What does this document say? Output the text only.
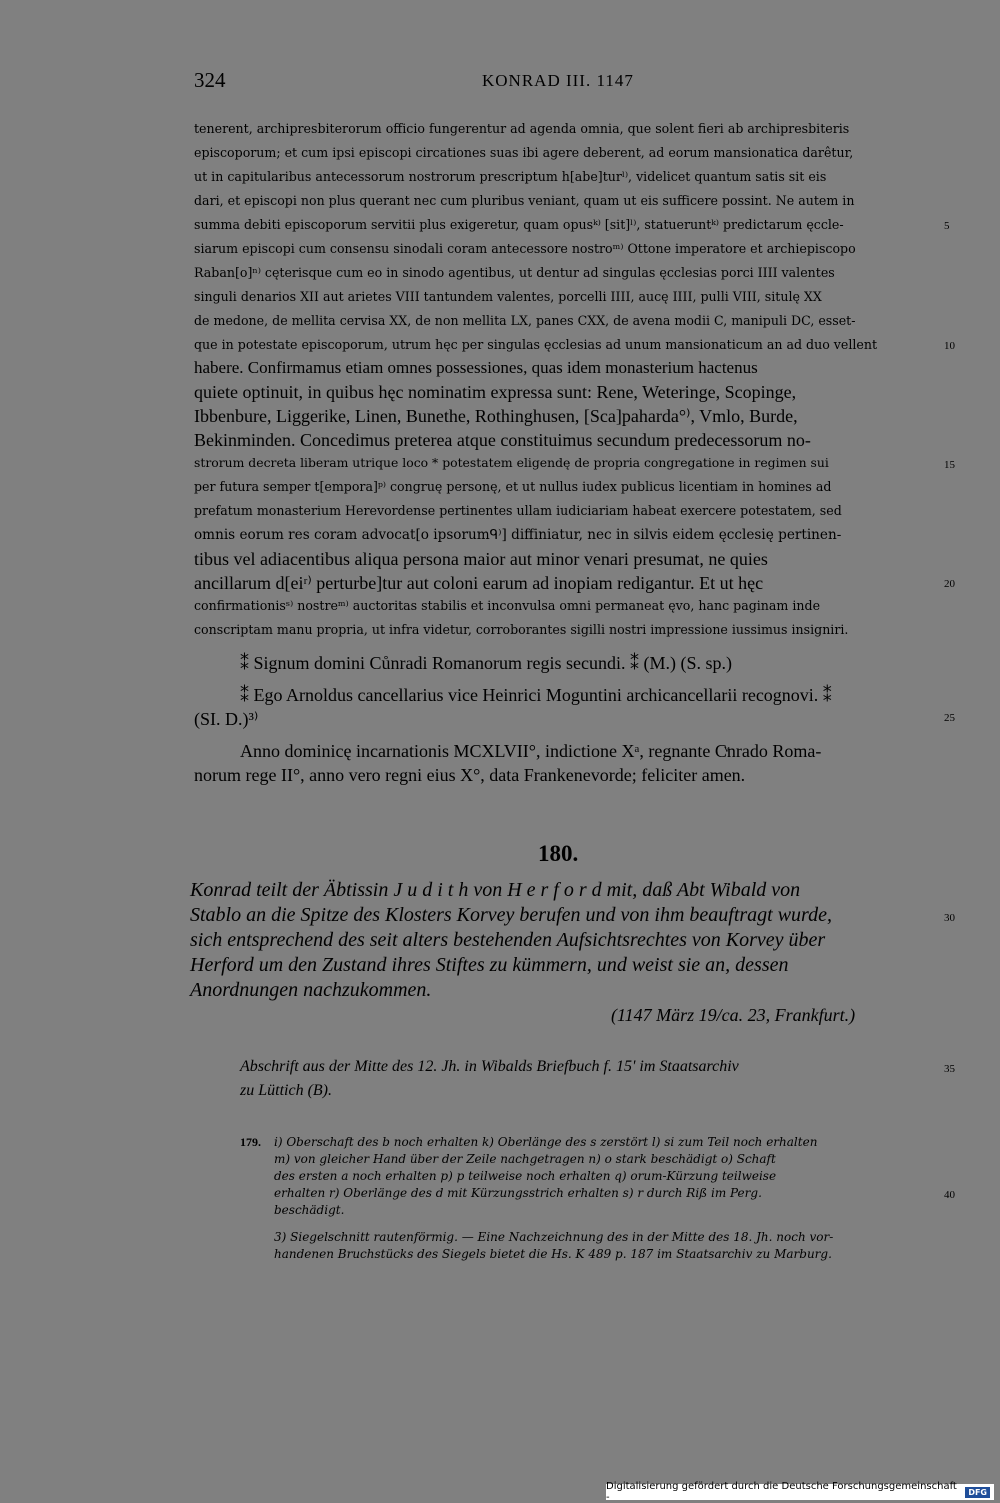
324	KONRAD III. 1147
tenerent, archipresbiterorum officio fungerentur ad agenda omnia, que solent fieri ab archipresbiteris
episcoporum; et cum ipsi episcopi circationes suas ibi agere deberent, ad eorum mansionatica darêtur,
ut in capitularibus antecessorum nostrorum prescriptum h[abe]turˡ⁾, videlicet quantum satis sit eis
dari, et episcopi non plus querant nec cum pluribus veniant, quam ut eis sufficere possint. Ne autem in
summa debiti episcoporum servitii plus exigeretur, quam opusᵏ⁾ [sit]ˡ⁾, statueruntᵏ⁾ predictarum ęccle-
siarum episcopi cum consensu sinodali coram antecessore nostroᵐ⁾ Ottone imperatore et archiepiscopo
Raban[o]ⁿ⁾ cęterisque cum eo in sinodo agentibus, ut dentur ad singulas ęcclesias porci IIII valentes
singuli denarios XII aut arietes VIII tantundem valentes, porcelli IIII, aucę IIII, pulli VIII, situlę XX
de medone, de mellita cervisa XX, de non mellita LX, panes CXX, de avena modii C, manipuli DC, esset-
que in potestate episcoporum, utrum hęc per singulas ęcclesias ad unum mansionaticum an ad duo vellent
habere. Confirmamus etiam omnes possessiones, quas idem monasterium hactenus
quiete optinuit, in quibus hęc nominatim expressa sunt: Rene, Weteringe, Scopinge,
Ibbenbure, Liggerike, Linen, Bunethe, Rothinghusen, [Sca]paharda°⁾, Vmlo, Burde,
Bekinminden. Concedimus preterea atque constituimus secundum predecessorum no-
strorum decreta liberam utrique loco * potestatem eligendę de propria congregatione in regimen sui
per futura semper t[empora]ᵖ⁾ congruę personę, et ut nullus iudex publicus licentiam in homines ad
prefatum monasterium Herevordense pertinentes ullam iudiciariam habeat exercere potestatem, sed
omnis eorum res coram advocat[o ipsorumᑫ⁾] diffiniatur, nec in silvis eidem ęcclesię pertinen-
tibus vel adiacentibus aliqua persona maior aut minor venari presumat, ne quies
ancillarum d[eiʳ⁾ perturbe]tur aut coloni earum ad inopiam redigantur. Et ut hęc
confirmationisˢ⁾ nostreᵐ⁾ auctoritas stabilis et inconvulsa omni permaneat ęvo, hanc paginam inde
conscriptam manu propria, ut infra videtur, corroborantes sigilli nostri impressione iussimus insigniri.
⁑ Signum domini Cůnradi Romanorum regis secundi. ⁑ (M.) (S. sp.)
⁑ Ego Arnoldus cancellarius vice Heinrici Moguntini archicancellarii recognovi. ⁑
(SI. D.)³⁾
Anno dominicę incarnationis MCXLVII°, indictione Xᵃ, regnante Cͮnrado Roma-
norum rege II°, anno vero regni eius X°, data Frankenevorde; feliciter amen.
180.
Konrad teilt der Äbtissin J u d i t h von H e r f o r d mit, daß Abt Wibald von
Stablo an die Spitze des Klosters Korvey berufen und von ihm beauftragt wurde,
sich entsprechend des seit alters bestehenden Aufsichtsrechtes von Korvey über
Herford um den Zustand ihres Stiftes zu kümmern, und weist sie an, dessen
Anordnungen nachzukommen.
(1147 März 19/ca. 23, Frankfurt.)
Abschrift aus der Mitte des 12. Jh. in Wibalds Briefbuch f. 15' im Staatsarchiv
zu Lüttich (B).
179. i) Oberschaft des b noch erhalten k) Oberlänge des s zerstört l) si zum Teil noch erhalten
m) von gleicher Hand über der Zeile nachgetragen n) o stark beschädigt o) Schaft
des ersten a noch erhalten p) p teilweise noch erhalten q) orum-Kürzung teilweise
erhalten r) Oberlänge des d mit Kürzungsstrich erhalten s) r durch Riß im Perg.
beschädigt.
3) Siegelschnitt rautenförmig. — Eine Nachzeichnung des in der Mitte des 18. Jh. noch vor-
handenen Bruchstücks des Siegels bietet die Hs. K 489 p. 187 im Staatsarchiv zu Marburg.
5
10
15
20
25
30
35
40
Digitalisierung gefördert durch die Deutsche Forschungsgemeinschaft -	DFG
